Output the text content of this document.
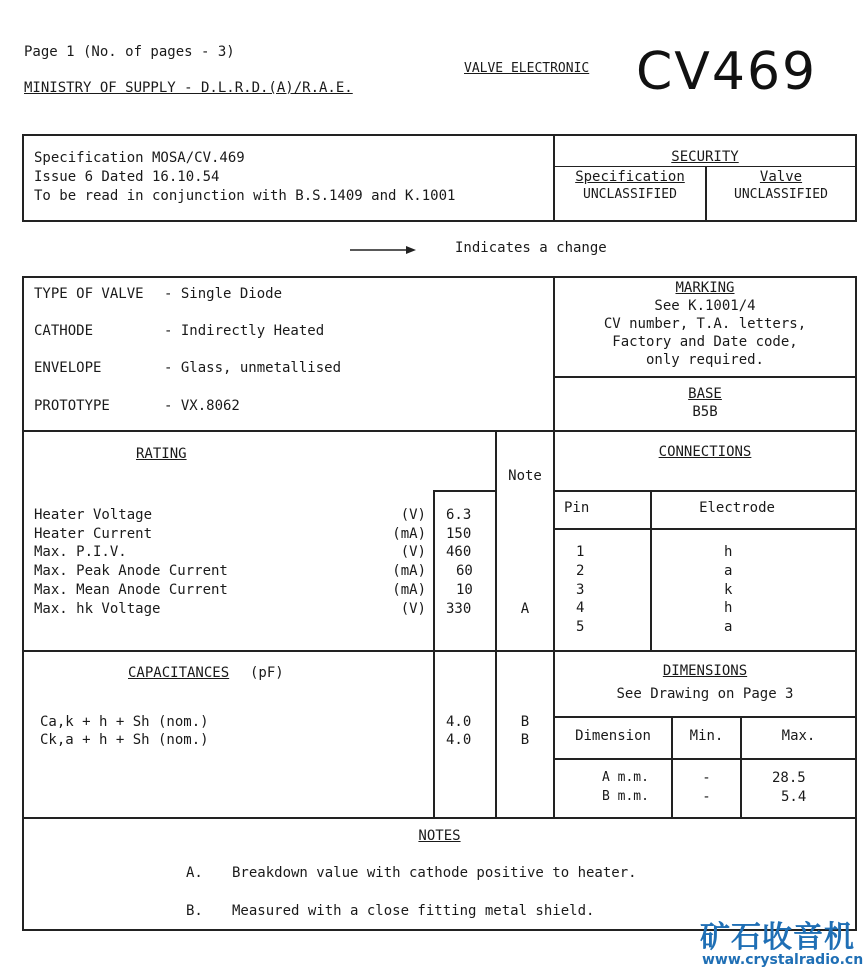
Page 1 (No. of pages - 3)
MINISTRY OF SUPPLY - D.L.R.D.(A)/R.A.E.
VALVE ELECTRONIC CV469
Specification MOSA/CV.469
Issue 6 Dated 16.10.54
To be read in conjunction with B.S.1409 and K.1001
SECURITY
Specification
UNCLASSIFIED
Valve
UNCLASSIFIED
Indicates a change
TYPE OF VALVE - Single Diode
CATHODE	- Indirectly Heated
ENVELOPE	- Glass, unmetallised
PROTOTYPE	- VX.8062
MARKING
See K.1001/4
CV number, T.A. letters,
Factory and Date code,
only required.
BASE
B5B
RATING
Note
Heater Voltage	(V) 6.3
Heater Current	(mA) 150
Max. P.I.V.	(V) 460
Max. Peak Anode Current	(mA) 60
Max. Mean Anode Current	(mA) 10
Max. hk Voltage	(V) 330	A
CONNECTIONS
Pin	Electrode
1	h
2	a
3	k
4	h
5	a
CAPACITANCES (pF)
Ca,k + h + Sh (nom.)	4.0	B
Ck,a + h + Sh (nom.)	4.0	B
DIMENSIONS
See Drawing on Page 3
Dimension	Min.	Max.
A m.m.	-	28.5
B m.m.	-	5.4
NOTES
A. Breakdown value with cathode positive to heater.
B. Measured with a close fitting metal shield.
矿石收音机
www.crystalradio.cn
